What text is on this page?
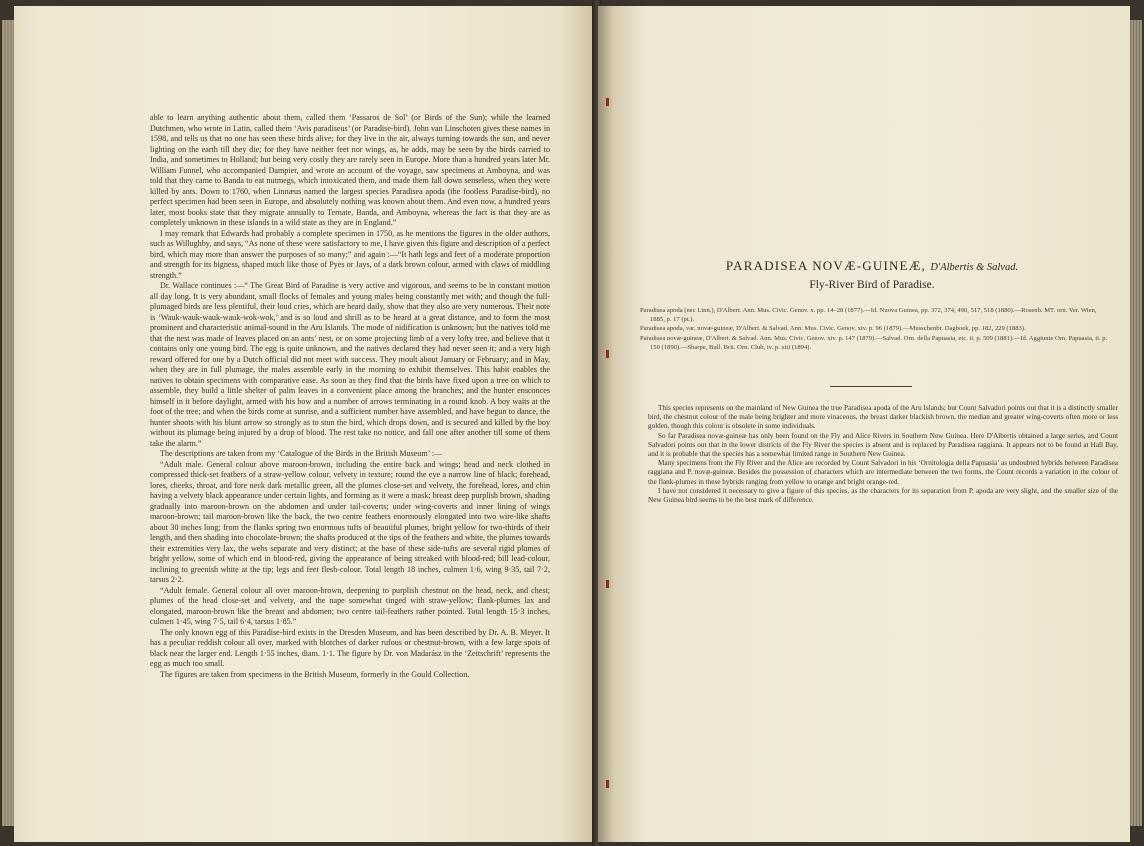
able to learn anything authentic about them, called them ‘Passaros de Sol’ (or Birds of the Sun); while the learned Dutchmen, who wrote in Latin, called them ‘Avis paradiseus’ (or Paradise-bird). John van Linschoten gives these names in 1598, and tells us that no one has seen these birds alive; for they live in the air, always turning towards the sun, and never lighting on the earth till they die; for they have neither feet nor wings, as, he adds, may be seen by the birds carried to India, and sometimes to Holland; but being very costly they are rarely seen in Europe. More than a hundred years later Mr. William Funnel, who accompanied Dampier, and wrote an account of the voyage, saw specimens at Amboyna, and was told that they came to Banda to eat nutmegs, which intoxicated them, and made them fall down senseless, when they were killed by ants. Down to 1760, when Linnæus named the largest species Paradisea apoda (the footless Paradise-bird), no perfect specimen had been seen in Europe, and absolutely nothing was known about them. And even now, a hundred years later, most books state that they migrate annually to Ternate, Banda, and Amboyna, whereas the fact is that they are as completely unknown in these islands in a wild state as they are in England.”

I may remark that Edwards had probably a complete specimen in 1750, as he mentions the figures in the older authors, such as Willughby, and says, “As none of these were satisfactory to me, I have given this figure and description of a perfect bird, which may more than answer the purposes of so many;” and again :—“It hath legs and feet of a moderate proportion and strength for its bigness, shaped much like those of Pyes or Jays, of a dark brown colour, armed with claws of middling strength.”

Dr. Wallace continues :—“ The Great Bird of Paradise is very active and vigorous, and seems to be in constant motion all day long. It is very abundant, small flocks of females and young males being constantly met with; and though the full-plumaged birds are less plentiful, their loud cries, which are heard daily, show that they also are very numerous. Their note is ‘Wauk-wauk-wauk-wauk-wok-wok,’ and is so loud and shrill as to be heard at a great distance, and to form the most prominent and characteristic animal-sound in the Aru Islands. The mode of nidification is unknown; but the natives told me that the nest was made of leaves placed on an ants’ nest, or on some projecting limb of a very lofty tree, and believe that it contains only one young bird. The egg is quite unknown, and the natives declared they had never seen it; and a very high reward offered for one by a Dutch official did not meet with success. They moult about January or February; and in May, when they are in full plumage, the males assemble early in the morning to exhibit themselves. This habit enables the natives to obtain specimens with comparative ease. As soon as they find that the birds have fixed upon a tree on which to assemble, they build a little shelter of palm leaves in a convenient place among the branches; and the hunter ensconces himself in it before daylight, armed with his bow and a number of arrows terminating in a round knob. A boy waits at the foot of the tree; and when the birds come at sunrise, and a sufficient number have assembled, and have begun to dance, the hunter shoots with his blunt arrow so strongly as to stun the bird, which drops down, and is secured and killed by the boy without its plumage being injured by a drop of blood. The rest take no notice, and fall one after another till some of them take the alarm.”

The descriptions are taken from my ‘Catalogue of the Birds in the British Museum’ :—

“Adult male. General colour above maroon-brown, including the entire back and wings; head and neck clothed in compressed thick-set feathers of a straw-yellow colour, velvety in texture; round the eye a narrow line of black; forehead, lores, cheeks, throat, and fore neck dark metallic green, all the plumes close-set and velvety, the forehead, lores, and chin having a velvety black appearance under certain lights, and forming as it were a mask; breast deep purplish brown, shading gradually into maroon-brown on the abdomen and under tail-coverts; under wing-coverts and inner lining of wings maroon-brown; tail maroon-brown like the back, the two centre feathers enormously elongated into two wire-like shafts about 30 inches long; from the flanks spring two enormous tufts of beautiful plumes, bright yellow for two-thirds of their length, and then shading into chocolate-brown; the shafts produced at the tips of the feathers and white, the plumes towards their extremities very lax, the webs separate and very distinct; at the base of these side-tufts are several rigid plumes of bright yellow, some of which end in blood-red, giving the appearance of being streaked with blood-red; bill lead-colour, inclining to greenish white at the tip; legs and feet flesh-colour. Total length 18 inches, culmen 1·6, wing 9·35, tail 7·2, tarsus 2·2.

“Adult female. General colour all over maroon-brown, deepening to purplish chestnut on the head, neck, and chest; plumes of the head close-set and velvety, and the nape somewhat tinged with straw-yellow; flank-plumes lax and elongated, maroon-brown like the breast and abdomen; two centre tail-feathers rather pointed. Total length 15·3 inches, culmen 1·45, wing 7·5, tail 6·4, tarsus 1·85.”

The only known egg of this Paradise-bird exists in the Dresden Museum, and has been described by Dr. A. B. Meyer. It has a peculiar reddish colour all over, marked with blotches of darker rufous or chestnut-brown, with a few large spots of black near the larger end. Length 1·55 inches, diam. 1·1. The figure by Dr. von Madarász in the ‘Zeitschrift’ represents the egg as much too small.

The figures are taken from specimens in the British Museum, formerly in the Gould Collection.

PARADISEA NOVÆ-GUINEÆ, D'Albertis & Salvad.
Fly-River Bird of Paradise.

Paradisea apoda (nec Linn.), D'Albert. Ann. Mus. Civic. Genov. x. pp. 14–28 (1877).—Id. Nuova Guinea, pp. 372, 374, 490, 517, 518 (1880).—Rosenb. MT. orn. Ver. Wien, 1885, p. 17 (pt.).

Paradisea apoda, var. novæ-guineæ, D'Albert. & Salvad. Ann. Mus. Civic. Genov. xiv. p. 96 (1879).—Musschenbr. Dagboek, pp. 182, 229 (1883).

Paradisea novæ-guineæ, D'Albert. & Salvad. Ann. Mus. Civic. Genov. xiv. p. 147 (1879).—Salvad. Orn. della Papuasia, etc. ii. p. 509 (1881).—Id. Aggiunte Orn. Papuasia, ii. p. 150 (1890).—Sharpe, Bull. Brit. Orn. Club, iv. p. xiii (1894).

This species represents on the mainland of New Guinea the true Paradisea apoda of the Aru Islands; but Count Salvadori points out that it is a distinctly smaller bird, the chestnut colour of the male being brighter and more vinaceous, the breast darker blackish brown, the median and greater wing-coverts often more or less golden, though this colour is obsolete in some individuals.

So far Paradisea novæ-guineæ has only been found on the Fly and Alice Rivers in Southern New Guinea. Here D'Albertis obtained a large series, and Count Salvadori points out that in the lower districts of the Fly River the species is absent and is replaced by Paradisea raggiana. It appears not to be found at Hall Bay, and it is probable that the species has a somewhat limited range in Southern New Guinea.

Many specimens from the Fly River and the Alice are recorded by Count Salvadori in his ‘Ornitologia della Papuasia’ as undoubted hybrids between Paradisea raggiana and P. novæ-guineæ. Besides the possession of characters which are intermediate between the two forms, the Count records a variation in the colour of the flank-plumes in these hybrids ranging from yellow to orange and bright orange-red.

I have not considered it necessary to give a figure of this species, as the characters for its separation from P. apoda are very slight, and the smaller size of the New Guinea bird seems to be the best mark of difference.
